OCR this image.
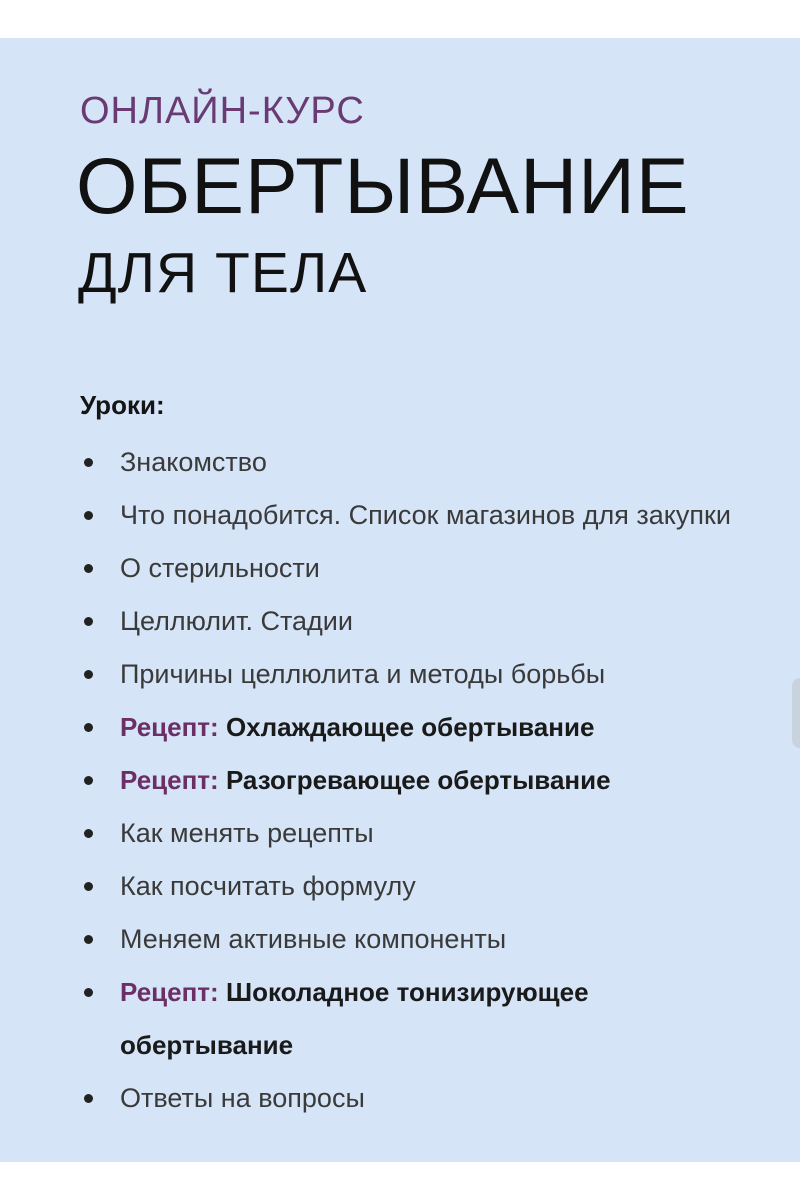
ОНЛАЙН-КУРС
ОБЕРТЫВАНИЕ
ДЛЯ ТЕЛА

Уроки:

Знакомство
Что понадобится. Список магазинов для закупки
О стерильности
Целлюлит. Стадии
Причины целлюлита и методы борьбы
Рецепт: Охлаждающее обертывание
Рецепт: Разогревающее обертывание
Как менять рецепты
Как посчитать формулу
Меняем активные компоненты
Рецепт: Шоколадное тонизирующее обертывание
Ответы на вопросы
